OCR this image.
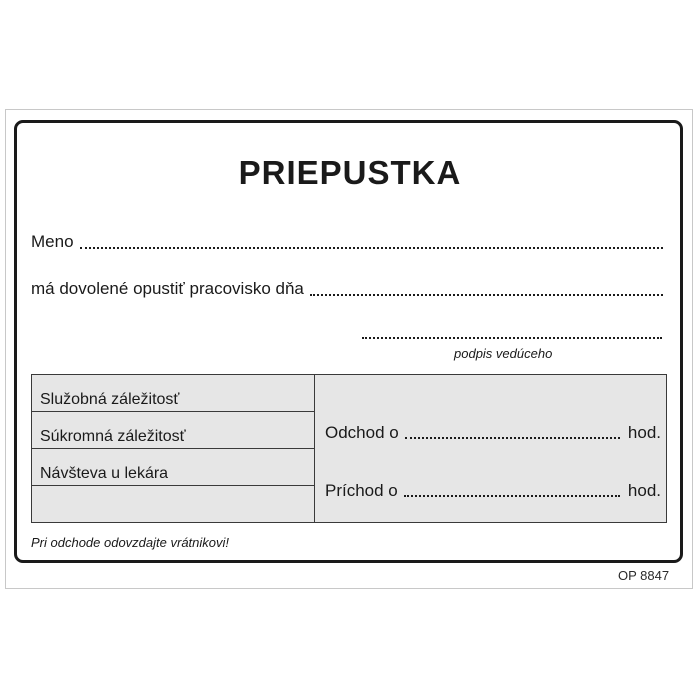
PRIEPUSTKA
Meno
má dovolené opustiť pracovisko dňa
podpis vedúceho
Služobná záležitosť
Súkromná záležitosť
Návšteva u lekára
Odchod o	hod.
Príchod o	hod.
Pri odchode odovzdajte vrátnikovi!
OP 8847
